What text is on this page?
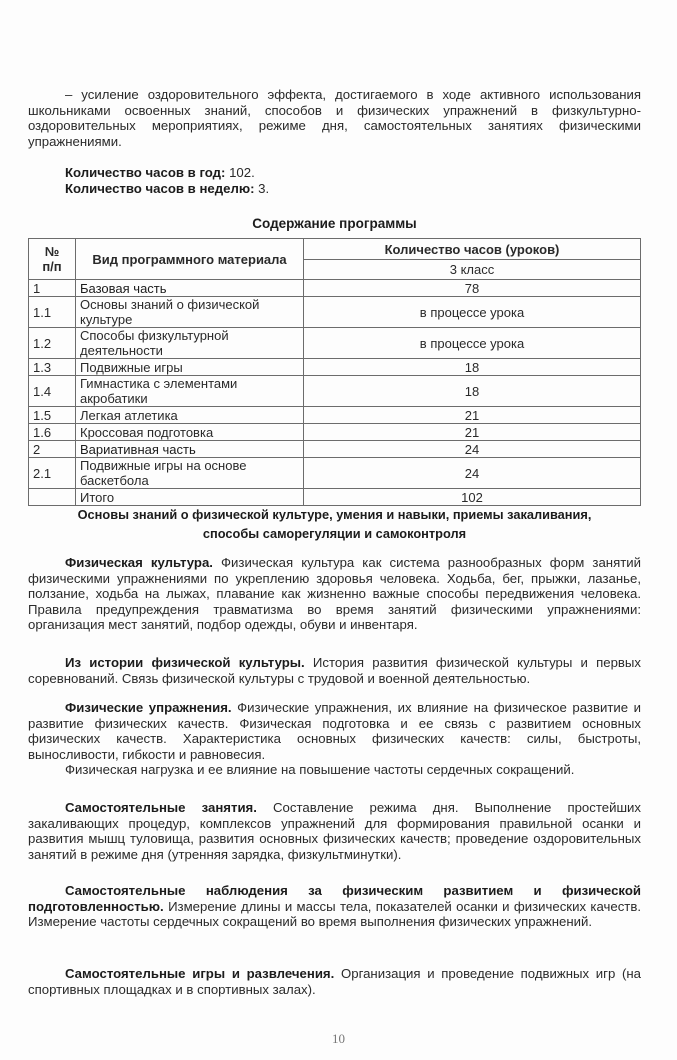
– усиление оздоровительного эффекта, достигаемого в ходе активного использования школьниками освоенных знаний, способов и физических упражнений в физкультурно-оздоровительных мероприятиях, режиме дня, самостоятельных занятиях физическими упражнениями.

Количество часов в год: 102.
Количество часов в неделю: 3.
Содержание программы
№
п/п	Вид программного материала	Количество часов (уроков)
		3 класс
1	Базовая часть	78
1.1	Основы знаний о физической культуре	в процессе урока
1.2	Способы физкультурной деятельности	в процессе урока
1.3	Подвижные игры	18
1.4	Гимнастика с элементами акробатики	18
1.5	Легкая атлетика	21
1.6	Кроссовая подготовка	21
2	Вариативная часть	24
2.1	Подвижные игры на основе баскетбола	24
	Итого	102
Основы знаний о физической культуре, умения и навыки, приемы закаливания,
способы саморегуляции и самоконтроля

Физическая культура. Физическая культура как система разнообразных форм занятий физическими упражнениями по укреплению здоровья человека. Ходьба, бег, прыжки, лазанье, ползание, ходьба на лыжах, плавание как жизненно важные способы передвижения человека. Правила предупреждения травматизма во время занятий физическими упражнениями: организация мест занятий, подбор одежды, обуви и инвентаря.

Из истории физической культуры. История развития физической культуры и первых соревнований. Связь физической культуры с трудовой и военной деятельностью.

Физические упражнения. Физические упражнения, их влияние на физическое развитие и развитие физических качеств. Физическая подготовка и ее связь с развитием основных физических качеств. Характеристика основных физических качеств: силы, быстроты, выносливости, гибкости и равновесия.

Физическая нагрузка и ее влияние на повышение частоты сердечных сокращений.

Самостоятельные занятия. Составление режима дня. Выполнение простейших закаливающих процедур, комплексов упражнений для формирования правильной осанки и развития мышц туловища, развития основных физических качеств; проведение оздоровительных занятий в режиме дня (утренняя зарядка, физкультминутки).

Самостоятельные наблюдения за физическим развитием и физической подготовленностью. Измерение длины и массы тела, показателей осанки и физических качеств. Измерение частоты сердечных сокращений во время выполнения физических упражнений.

Самостоятельные игры и развлечения. Организация и проведение подвижных игр (на спортивных площадках и в спортивных залах).

10
